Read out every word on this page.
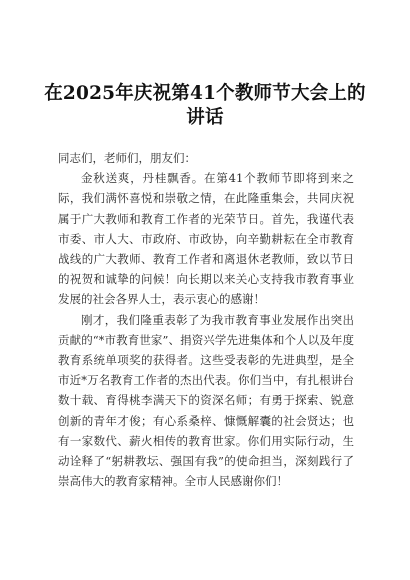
在2025年庆祝第41个教师节大会上的讲话

同志们，老师们，朋友们：

金秋送爽，丹桂飘香。在第41个教师节即将到来之际，我们满怀喜悦和崇敬之情，在此隆重集会，共同庆祝属于广大教师和教育工作者的光荣节日。首先，我谨代表市委、市人大、市政府、市政协，向辛勤耕耘在全市教育战线的广大教师、教育工作者和离退休老教师，致以节日的祝贺和诚挚的问候！向长期以来关心支持我市教育事业发展的社会各界人士，表示衷心的感谢！

刚才，我们隆重表彰了为我市教育事业发展作出突出贡献的“*市教育世家”、捐资兴学先进集体和个人以及年度教育系统单项奖的获得者。这些受表彰的先进典型，是全市近*万名教育工作者的杰出代表。你们当中，有扎根讲台数十载、育得桃李满天下的资深名师；有勇于探索、锐意创新的青年才俊；有心系桑梓、慷慨解囊的社会贤达；也有一家数代、薪火相传的教育世家。你们用实际行动，生动诠释了“躬耕教坛、强国有我”的使命担当，深刻践行了崇高伟大的教育家精神。全市人民感谢你们！
